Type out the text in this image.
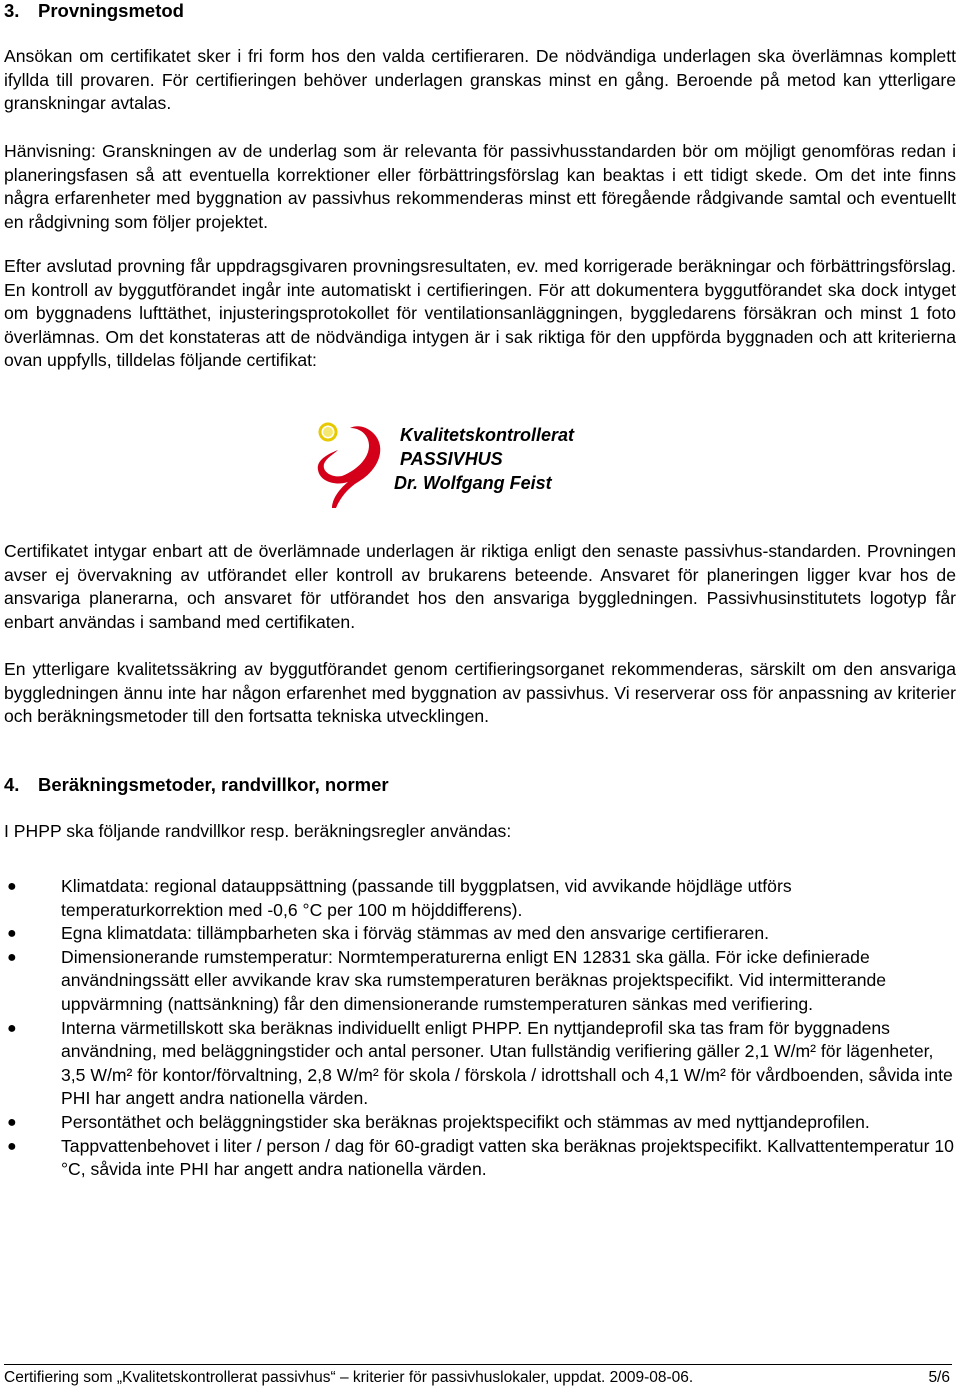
3. Provningsmetod

Ansökan om certifikatet sker i fri form hos den valda certifieraren. De nödvändiga underlagen ska överlämnas komplett ifyllda till provaren. För certifieringen behöver underlagen granskas minst en gång. Beroende på metod kan ytterligare granskningar avtalas.

Hänvisning: Granskningen av de underlag som är relevanta för passivhusstandarden bör om möjligt genomföras redan i planeringsfasen så att eventuella korrektioner eller förbättringsförslag kan beaktas i ett tidigt skede. Om det inte finns några erfarenheter med byggnation av passivhus rekommenderas minst ett föregående rådgivande samtal och eventuellt en rådgivning som följer projektet.

Efter avslutad provning får uppdragsgivaren provningsresultaten, ev. med korrigerade beräkningar och förbättringsförslag. En kontroll av byggutförandet ingår inte automatiskt i certifieringen. För att dokumentera byggutförandet ska dock intyget om byggnadens lufttäthet, injusteringsprotokollet för ventilationsanläggningen, byggledarens försäkran och minst 1 foto överlämnas. Om det konstateras att de nödvändiga intygen är i sak riktiga för den uppförda byggnaden och att kriterierna ovan uppfylls, tilldelas följande certifikat:

Kvalitetskontrollerat
PASSIVHUS
Dr. Wolfgang Feist

Certifikatet intygar enbart att de överlämnade underlagen är riktiga enligt den senaste passivhus-standarden. Provningen avser ej övervakning av utförandet eller kontroll av brukarens beteende. Ansvaret för planeringen ligger kvar hos de ansvariga planerarna, och ansvaret för utförandet hos den ansvariga byggledningen. Passivhusinstitutets logotyp får enbart användas i samband med certifikaten.

En ytterligare kvalitetssäkring av byggutförandet genom certifieringsorganet rekommenderas, särskilt om den ansvariga byggledningen ännu inte har någon erfarenhet med byggnation av passivhus. Vi reserverar oss för anpassning av kriterier och beräkningsmetoder till den fortsatta tekniska utvecklingen.

4. Beräkningsmetoder, randvillkor, normer

I PHPP ska följande randvillkor resp. beräkningsregler användas:

●	Klimatdata: regional datauppsättning (passande till byggplatsen, vid avvikande höjdläge utförs temperaturkorrektion med -0,6 °C per 100 m höjddifferens).
●	Egna klimatdata: tillämpbarheten ska i förväg stämmas av med den ansvarige certifieraren.
●	Dimensionerande rumstemperatur: Normtemperaturerna enligt EN 12831 ska gälla. För icke definierade användningssätt eller avvikande krav ska rumstemperaturen beräknas projektspecifikt. Vid intermitterande uppvärmning (nattsänkning) får den dimensionerande rumstemperaturen sänkas med verifiering.
●	Interna värmetillskott ska beräknas individuellt enligt PHPP. En nyttjandeprofil ska tas fram för byggnadens användning, med beläggningstider och antal personer. Utan fullständig verifiering gäller 2,1 W/m² för lägenheter, 3,5 W/m² för kontor/förvaltning, 2,8 W/m² för skola / förskola / idrottshall och 4,1 W/m² för vårdboenden, såvida inte PHI har angett andra nationella värden.
●	Persontäthet och beläggningstider ska beräknas projektspecifikt och stämmas av med nyttjandeprofilen.
●	Tappvattenbehovet i liter / person / dag för 60-gradigt vatten ska beräknas projektspecifikt. Kallvattentemperatur 10 °C, såvida inte PHI har angett andra nationella värden.
Certifiering som „Kvalitetskontrollerat passivhus“ – kriterier för passivhuslokaler, uppdat. 2009-08-06.	5/6
